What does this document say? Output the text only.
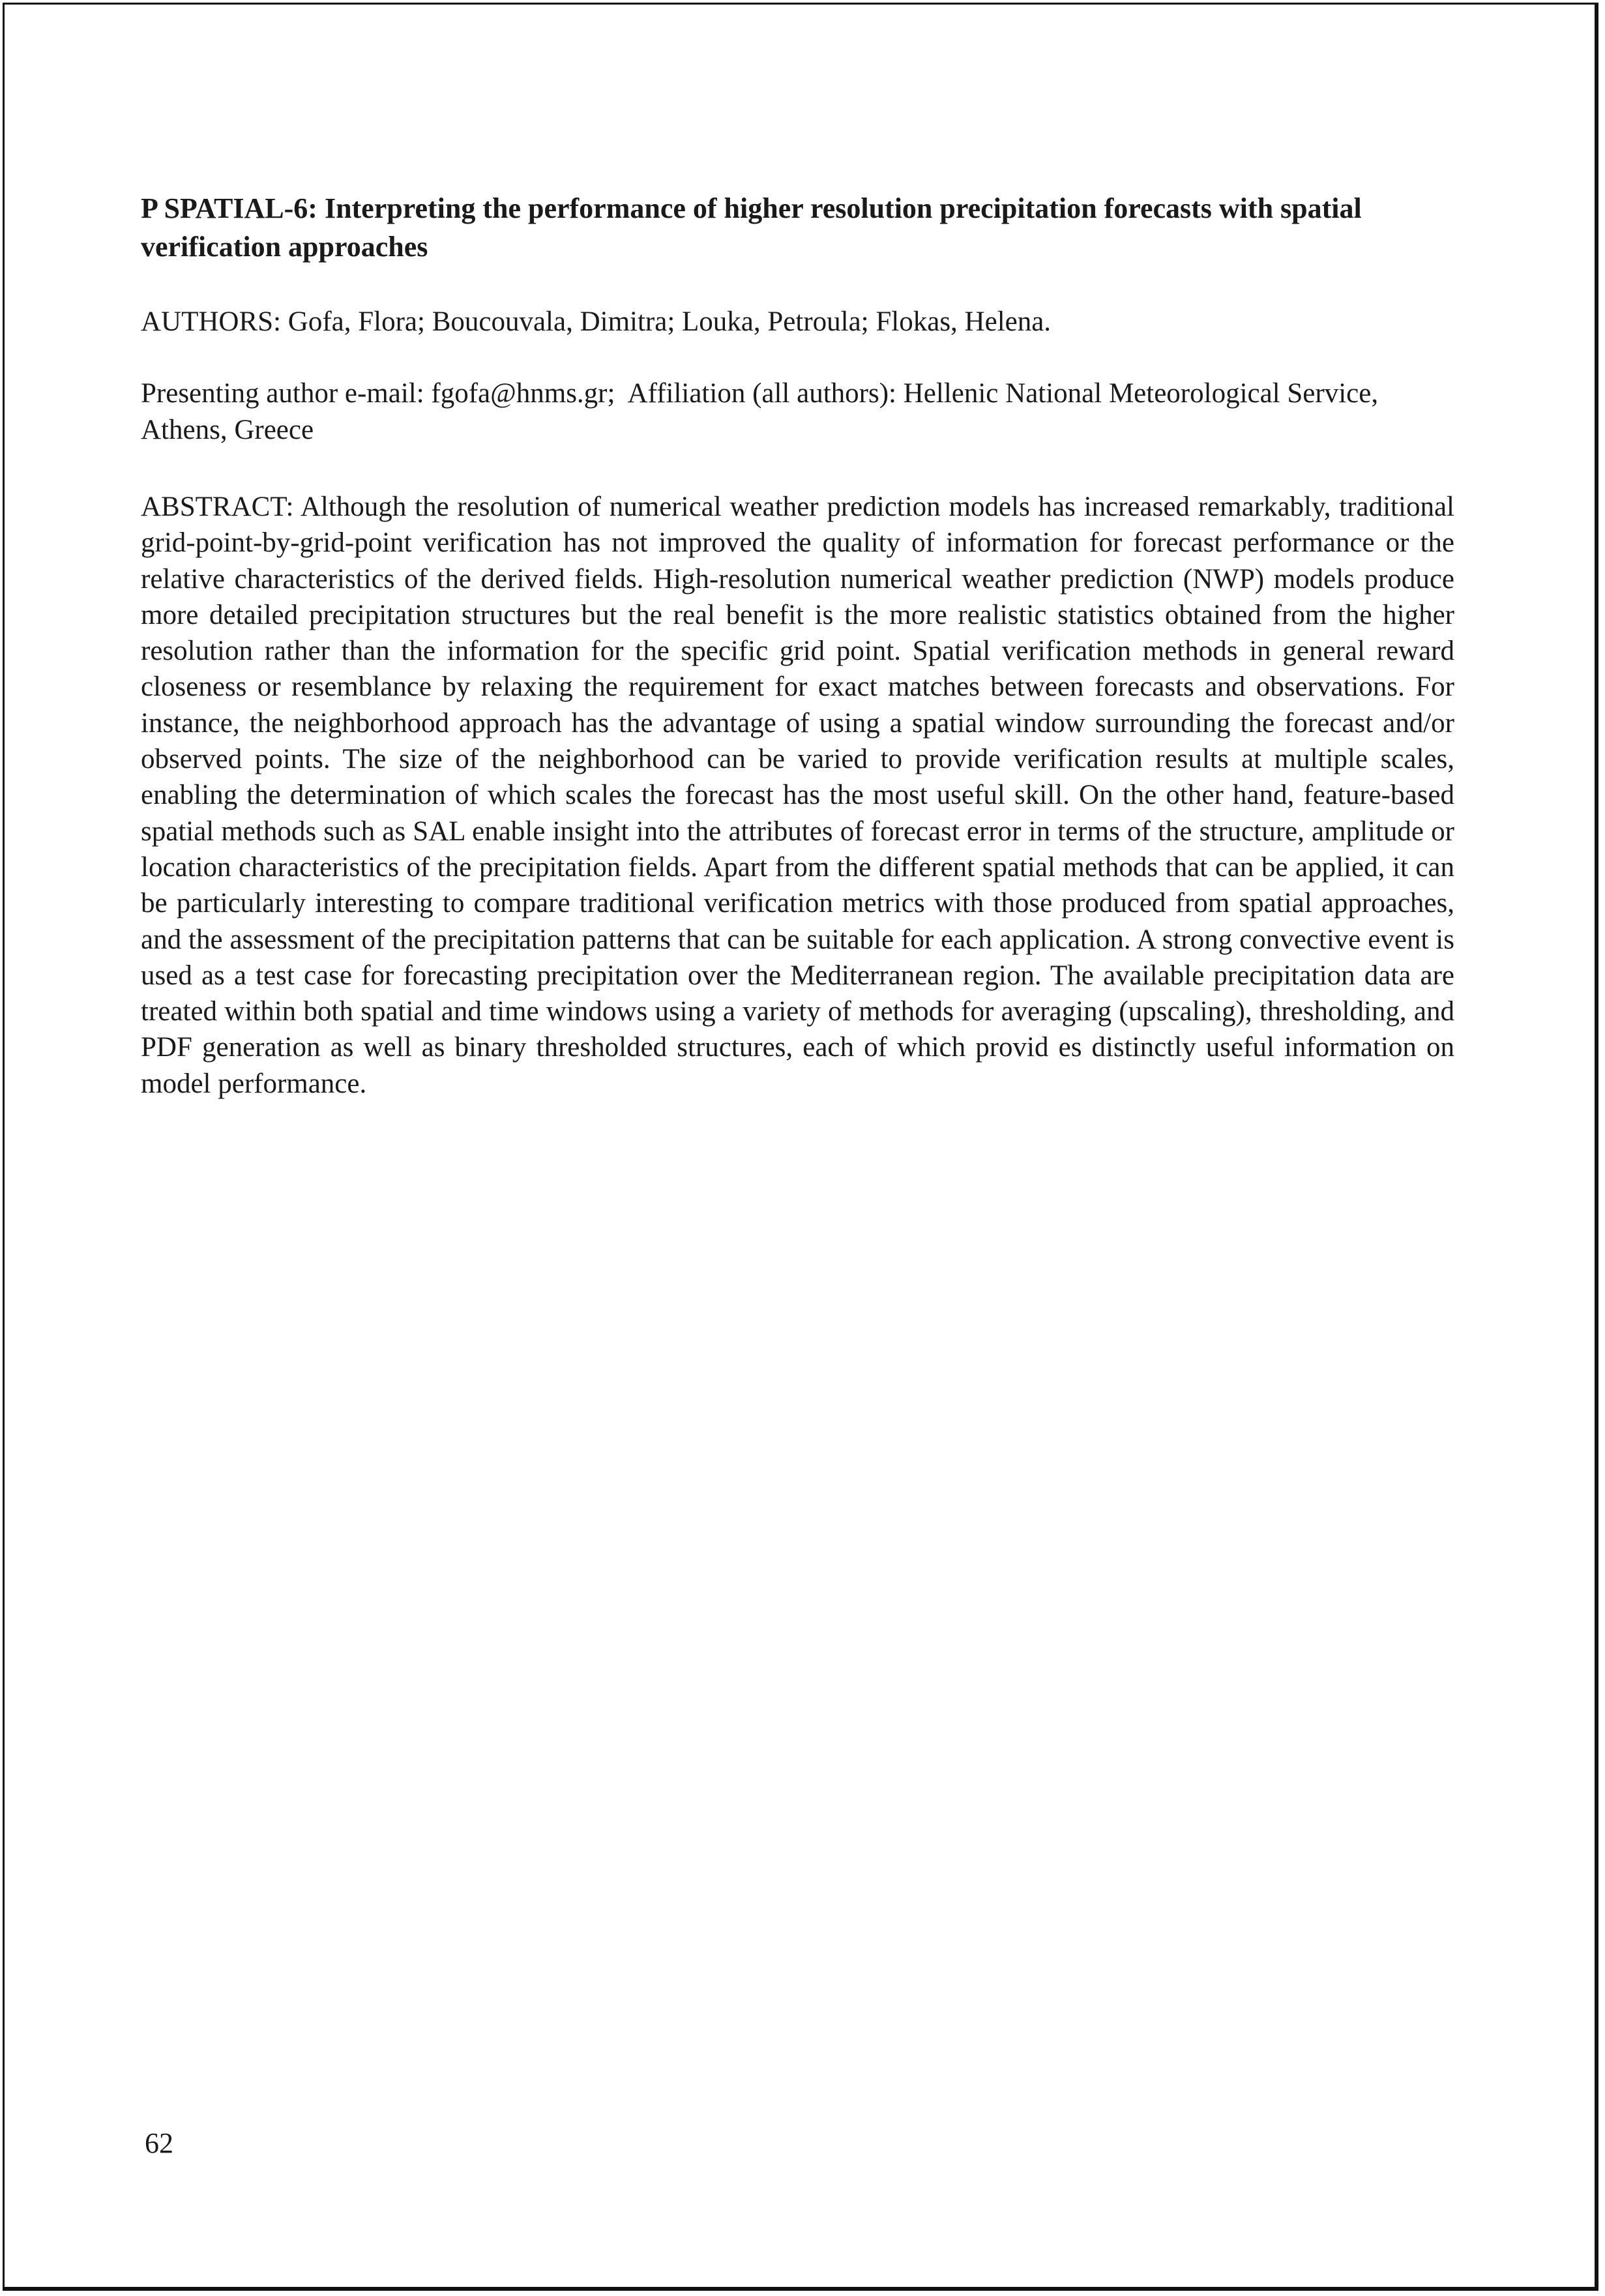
P SPATIAL-6: Interpreting the performance of higher resolution precipitation forecasts with spatial verification approaches
AUTHORS: Gofa, Flora; Boucouvala, Dimitra; Louka, Petroula; Flokas, Helena.
Presenting author e-mail: fgofa@hnms.gr; Affiliation (all authors): Hellenic National Meteorological Service, Athens, Greece

ABSTRACT: Although the resolution of numerical weather prediction models has increased remarkably, traditional grid-point-by-grid-point verification has not improved the quality of information for forecast performance or the relative characteristics of the derived fields. High-resolution numerical weather prediction (NWP) models produce more detailed precipitation structures but the real benefit is the more realistic statistics obtained from the higher resolution rather than the information for the specific grid point. Spatial verification methods in general reward closeness or resemblance by relaxing the requirement for exact matches between forecasts and observations. For instance, the neighborhood approach has the advantage of using a spatial window surrounding the forecast and/or observed points. The size of the neighborhood can be varied to provide verification results at multiple scales, enabling the determination of which scales the forecast has the most useful skill. On the other hand, feature-based spatial methods such as SAL enable insight into the attributes of forecast error in terms of the structure, amplitude or location characteristics of the precipitation fields. Apart from the different spatial methods that can be applied, it can be particularly interesting to compare traditional verification metrics with those produced from spatial approaches, and the assessment of the precipitation patterns that can be suitable for each application. A strong convective event is used as a test case for forecasting precipitation over the Mediterranean region. The available precipitation data are treated within both spatial and time windows using a variety of methods for averaging (upscaling), thresholding, and PDF generation as well as binary thresholded structures, each of which provid es distinctly useful information on model performance.

62
